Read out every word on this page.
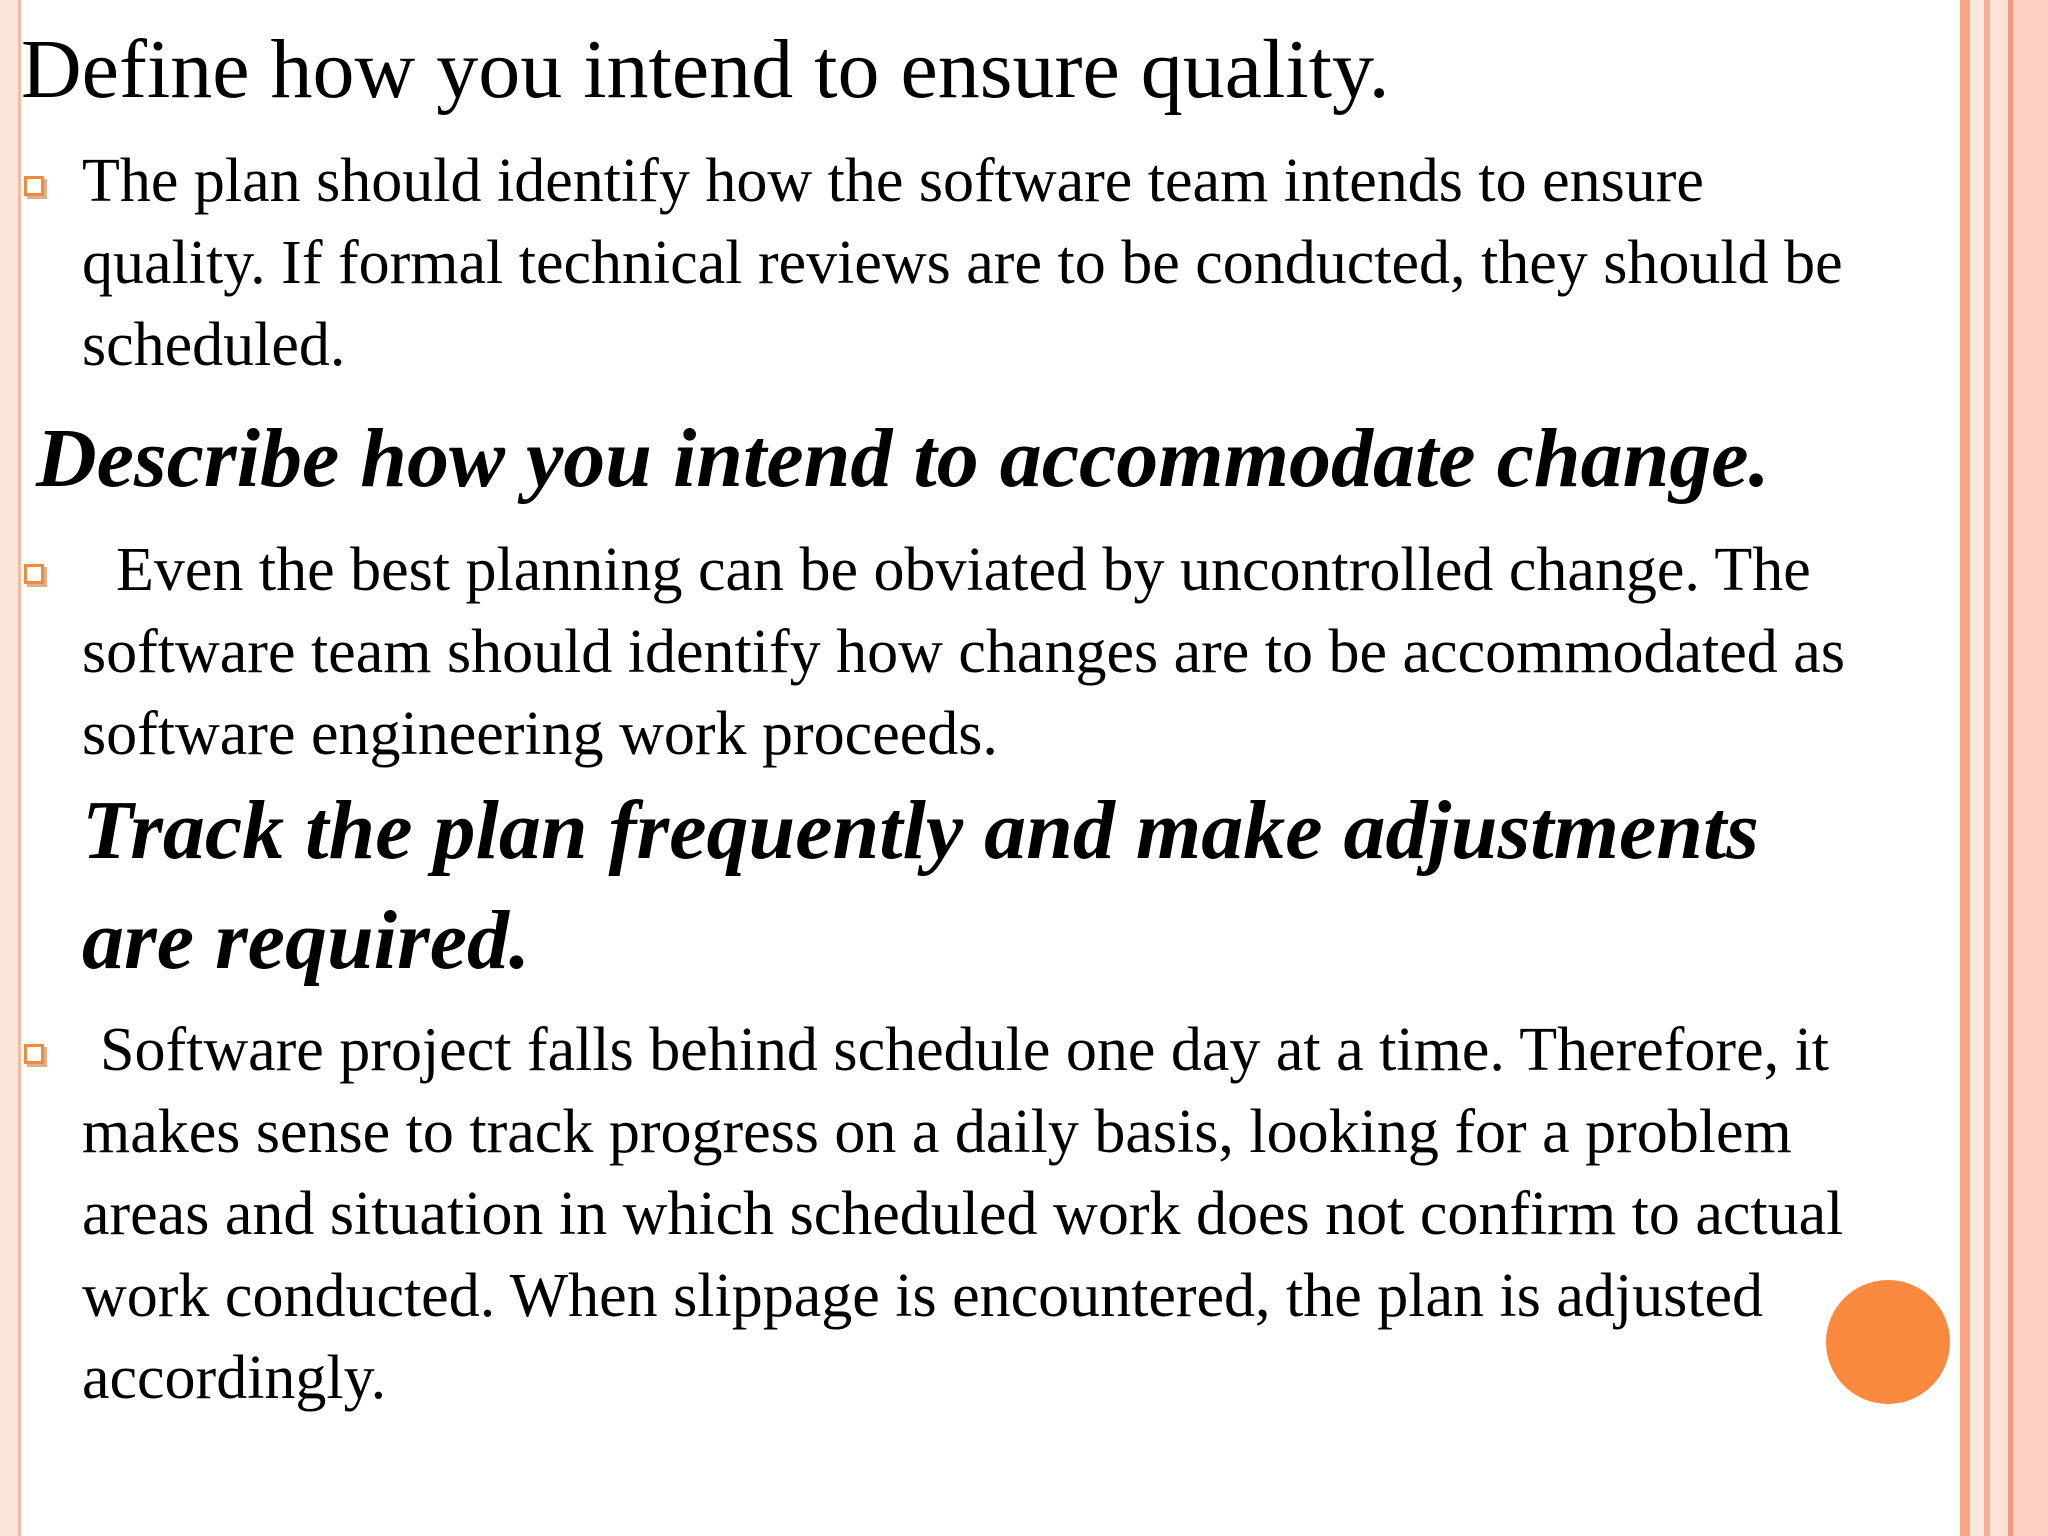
Define how you intend to ensure quality.

The plan should identify how the software team intends to ensure
quality. If formal technical reviews are to be conducted, they should be
scheduled.

Describe how you intend to accommodate change.

Even the best planning can be obviated by uncontrolled change. The
software team should identify how changes are to be accommodated as
software engineering work proceeds.

Track the plan frequently and make adjustments
are required.

Software project falls behind schedule one day at a time. Therefore, it
makes sense to track progress on a daily basis, looking for a problem
areas and situation in which scheduled work does not confirm to actual
work conducted. When slippage is encountered, the plan is adjusted
accordingly.
